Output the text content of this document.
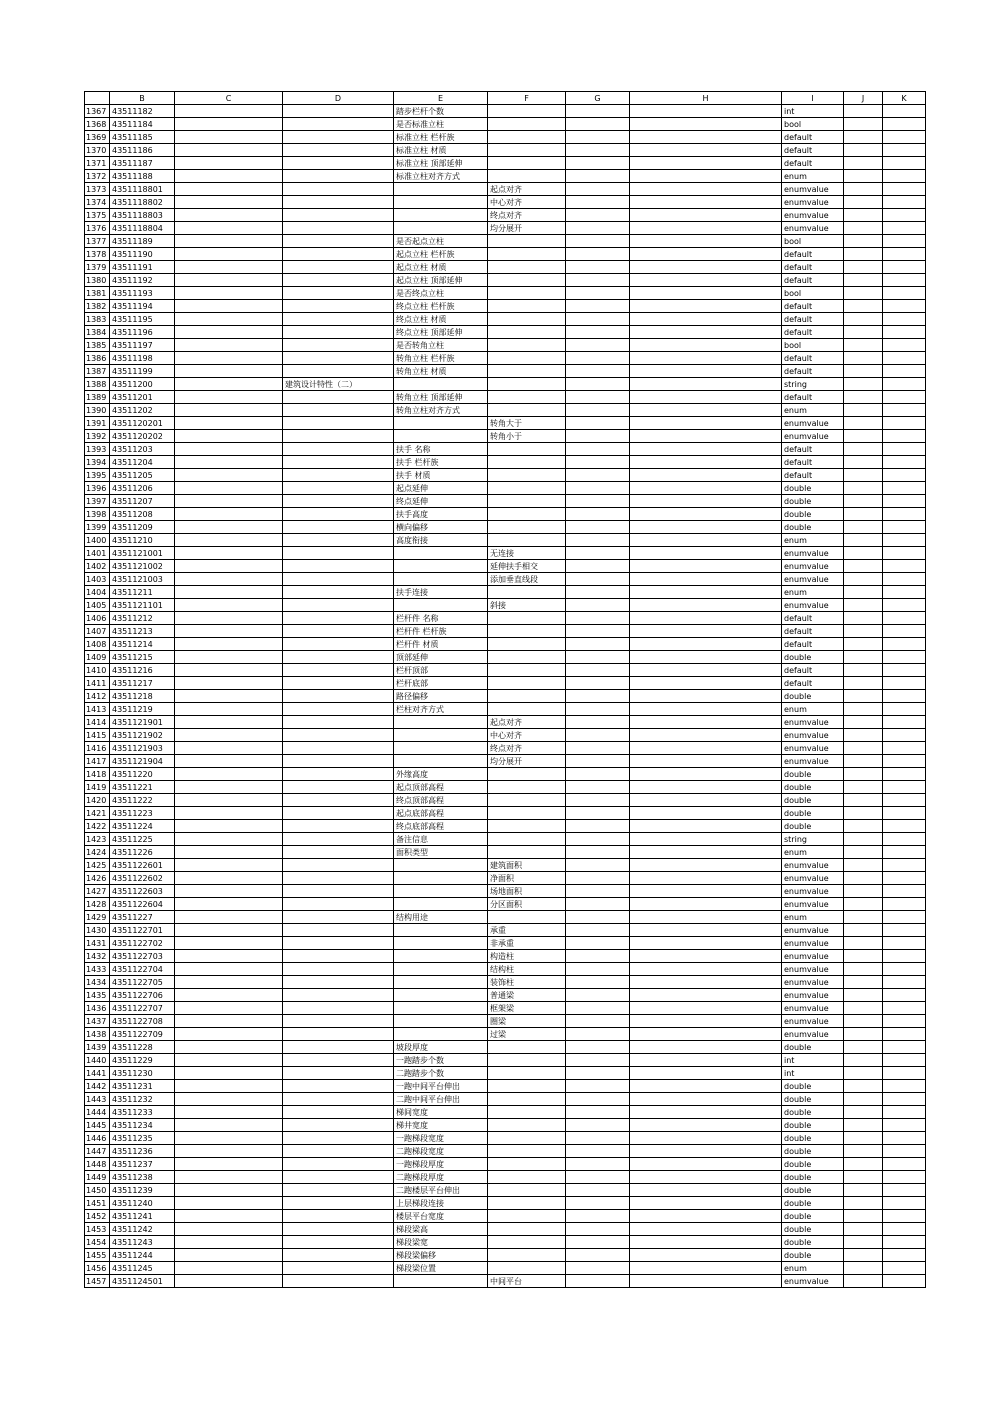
	B	C	D	E	F	G	H	I	J	K
1367	43511182			踏步栏杆个数				int		
1368	43511184			是否标准立柱				bool		
1369	43511185			标准立柱 栏杆族				default		
1370	43511186			标准立柱 材质				default		
1371	43511187			标准立柱 顶部延伸				default		
1372	43511188			标准立柱对齐方式				enum		
1373	4351118801				起点对齐			enumvalue		
1374	4351118802				中心对齐			enumvalue		
1375	4351118803				终点对齐			enumvalue		
1376	4351118804				均分展开			enumvalue		
1377	43511189			是否起点立柱				bool		
1378	43511190			起点立柱 栏杆族				default		
1379	43511191			起点立柱 材质				default		
1380	43511192			起点立柱 顶部延伸				default		
1381	43511193			是否终点立柱				bool		
1382	43511194			终点立柱 栏杆族				default		
1383	43511195			终点立柱 材质				default		
1384	43511196			终点立柱 顶部延伸				default		
1385	43511197			是否转角立柱				bool		
1386	43511198			转角立柱 栏杆族				default		
1387	43511199			转角立柱 材质				default		
1388	43511200		建筑设计特性（二）					string		
1389	43511201			转角立柱 顶部延伸				default		
1390	43511202			转角立柱对齐方式				enum		
1391	4351120201				转角大于			enumvalue		
1392	4351120202				转角小于			enumvalue		
1393	43511203			扶手 名称				default		
1394	43511204			扶手 栏杆族				default		
1395	43511205			扶手 材质				default		
1396	43511206			起点延伸				double		
1397	43511207			终点延伸				double		
1398	43511208			扶手高度				double		
1399	43511209			横向偏移				double		
1400	43511210			高度衔接				enum		
1401	4351121001				无连接			enumvalue		
1402	4351121002				延伸扶手相交			enumvalue		
1403	4351121003				添加垂直线段			enumvalue		
1404	43511211			扶手连接				enum		
1405	4351121101				斜接			enumvalue		
1406	43511212			栏杆件 名称				default		
1407	43511213			栏杆件 栏杆族				default		
1408	43511214			栏杆件 材质				default		
1409	43511215			顶部延伸				double		
1410	43511216			栏杆顶部				default		
1411	43511217			栏杆底部				default		
1412	43511218			路径偏移				double		
1413	43511219			栏柱对齐方式				enum		
1414	4351121901				起点对齐			enumvalue		
1415	4351121902				中心对齐			enumvalue		
1416	4351121903				终点对齐			enumvalue		
1417	4351121904				均分展开			enumvalue		
1418	43511220			外缘高度				double		
1419	43511221			起点顶部高程				double		
1420	43511222			终点顶部高程				double		
1421	43511223			起点底部高程				double		
1422	43511224			终点底部高程				double		
1423	43511225			备注信息				string		
1424	43511226			面积类型				enum		
1425	4351122601				建筑面积			enumvalue		
1426	4351122602				净面积			enumvalue		
1427	4351122603				场地面积			enumvalue		
1428	4351122604				分区面积			enumvalue		
1429	43511227			结构用途				enum		
1430	4351122701				承重			enumvalue		
1431	4351122702				非承重			enumvalue		
1432	4351122703				构造柱			enumvalue		
1433	4351122704				结构柱			enumvalue		
1434	4351122705				装饰柱			enumvalue		
1435	4351122706				普通梁			enumvalue		
1436	4351122707				框架梁			enumvalue		
1437	4351122708				圈梁			enumvalue		
1438	4351122709				过梁			enumvalue		
1439	43511228			坡段厚度				double		
1440	43511229			一跑踏步个数				int		
1441	43511230			二跑踏步个数				int		
1442	43511231			一跑中间平台伸出				double		
1443	43511232			二跑中间平台伸出				double		
1444	43511233			梯间宽度				double		
1445	43511234			梯井宽度				double		
1446	43511235			一跑梯段宽度				double		
1447	43511236			二跑梯段宽度				double		
1448	43511237			一跑梯段厚度				double		
1449	43511238			二跑梯段厚度				double		
1450	43511239			二跑楼层平台伸出				double		
1451	43511240			上层梯段连接				double		
1452	43511241			楼层平台宽度				double		
1453	43511242			梯段梁高				double		
1454	43511243			梯段梁宽				double		
1455	43511244			梯段梁偏移				double		
1456	43511245			梯段梁位置				enum		
1457	4351124501				中间平台			enumvalue		
